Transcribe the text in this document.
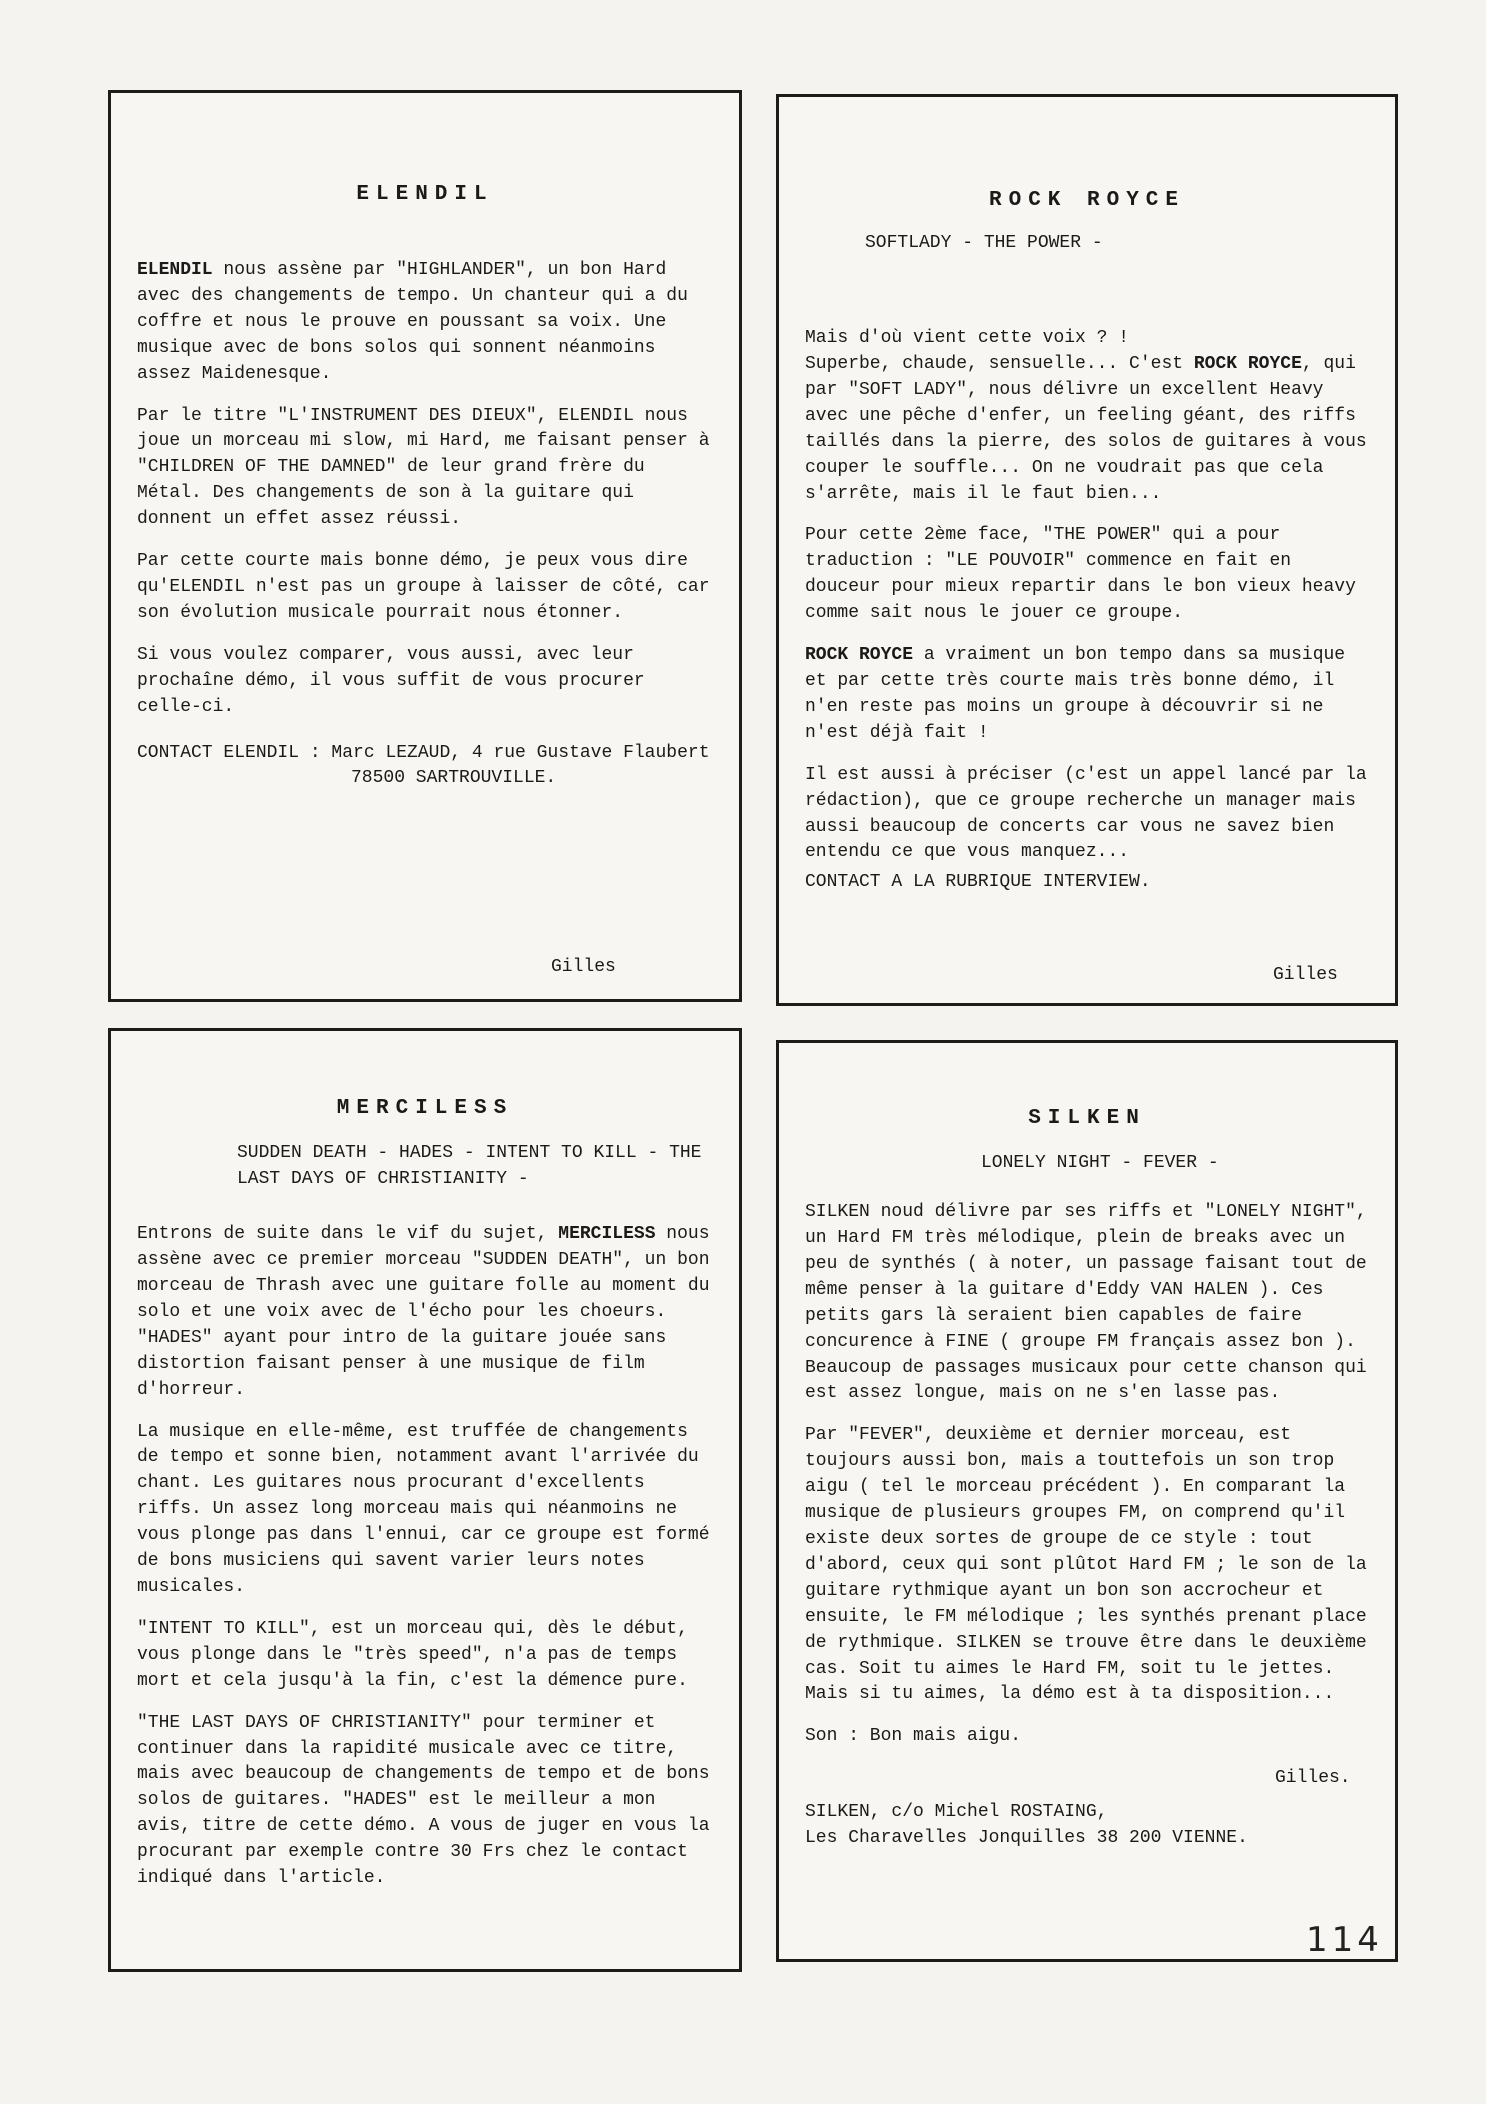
ELENDIL

ELENDIL nous assène par "HIGHLANDER", un bon Hard avec des changements de tempo. Un chanteur qui a du coffre et nous le prouve en poussant sa voix. Une musique avec de bons solos qui sonnent néanmoins assez Maidenesque.

Par le titre "L'INSTRUMENT DES DIEUX", ELENDIL nous joue un morceau mi slow, mi Hard, me faisant penser à "CHILDREN OF THE DAMNED" de leur grand frère du Métal. Des changements de son à la guitare qui donnent un effet assez réussi.

Par cette courte mais bonne démo, je peux vous dire qu'ELENDIL n'est pas un groupe à laisser de côté, car son évolution musicale pourrait nous étonner.

Si vous voulez comparer, vous aussi, avec leur prochaîne démo, il vous suffit de vous procurer celle-ci.

CONTACT ELENDIL : Marc LEZAUD, 4 rue Gustave Flaubert

78500 SARTROUVILLE.

Gilles
ROCK ROYCE

SOFTLADY - THE POWER -

Mais d'où vient cette voix ? !

Superbe, chaude, sensuelle... C'est ROCK ROYCE, qui par "SOFT LADY", nous délivre un excellent Heavy avec une pêche d'enfer, un feeling géant, des riffs taillés dans la pierre, des solos de guitares à vous couper le souffle... On ne voudrait pas que cela s'arrête, mais il le faut bien...

Pour cette 2ème face, "THE POWER" qui a pour traduction : "LE POUVOIR" commence en fait en douceur pour mieux repartir dans le bon vieux heavy comme sait nous le jouer ce groupe.

ROCK ROYCE a vraiment un bon tempo dans sa musique et par cette très courte mais très bonne démo, il n'en reste pas moins un groupe à découvrir si ne n'est déjà fait !

Il est aussi à préciser (c'est un appel lancé par la rédaction), que ce groupe recherche un manager mais aussi beaucoup de concerts car vous ne savez bien entendu ce que vous manquez...

CONTACT A LA RUBRIQUE INTERVIEW.

Gilles
MERCILESS

SUDDEN DEATH - HADES - INTENT TO KILL - THE LAST DAYS OF CHRISTIANITY -

Entrons de suite dans le vif du sujet, MERCILESS nous assène avec ce premier morceau "SUDDEN DEATH", un bon morceau de Thrash avec une guitare folle au moment du solo et une voix avec de l'écho pour les choeurs. "HADES" ayant pour intro de la guitare jouée sans distortion faisant penser à une musique de film d'horreur.

La musique en elle-même, est truffée de changements de tempo et sonne bien, notamment avant l'arrivée du chant. Les guitares nous procurant d'excellents riffs. Un assez long morceau mais qui néanmoins ne vous plonge pas dans l'ennui, car ce groupe est formé de bons musiciens qui savent varier leurs notes musicales.

"INTENT TO KILL", est un morceau qui, dès le début, vous plonge dans le "très speed", n'a pas de temps mort et cela jusqu'à la fin, c'est la démence pure.

"THE LAST DAYS OF CHRISTIANITY" pour terminer et continuer dans la rapidité musicale avec ce titre, mais avec beaucoup de changements de tempo et de bons solos de guitares. "HADES" est le meilleur a mon avis, titre de cette démo. A vous de juger en vous la procurant par exemple contre 30 Frs chez le contact indiqué dans l'article.

SILKEN

LONELY NIGHT - FEVER -

SILKEN noud délivre par ses riffs et "LONELY NIGHT", un Hard FM très mélodique, plein de breaks avec un peu de synthés ( à noter, un passage faisant tout de même penser à la guitare d'Eddy VAN HALEN ). Ces petits gars là seraient bien capables de faire concurence à FINE ( groupe FM français assez bon ). Beaucoup de passages musicaux pour cette chanson qui est assez longue, mais on ne s'en lasse pas.

Par "FEVER", deuxième et dernier morceau, est toujours aussi bon, mais a touttefois un son trop aigu ( tel le morceau précédent ). En comparant la musique de plusieurs groupes FM, on comprend qu'il existe deux sortes de groupe de ce style : tout d'abord, ceux qui sont plûtot Hard FM ; le son de la guitare rythmique ayant un bon son accrocheur et ensuite, le FM mélodique ; les synthés prenant place de rythmique. SILKEN se trouve être dans le deuxième cas. Soit tu aimes le Hard FM, soit tu le jettes. Mais si tu aimes, la démo est à ta disposition...

Son : Bon mais aigu.

Gilles.

SILKEN, c/o Michel ROSTAING,

Les Charavelles Jonquilles 38 200 VIENNE.

114
